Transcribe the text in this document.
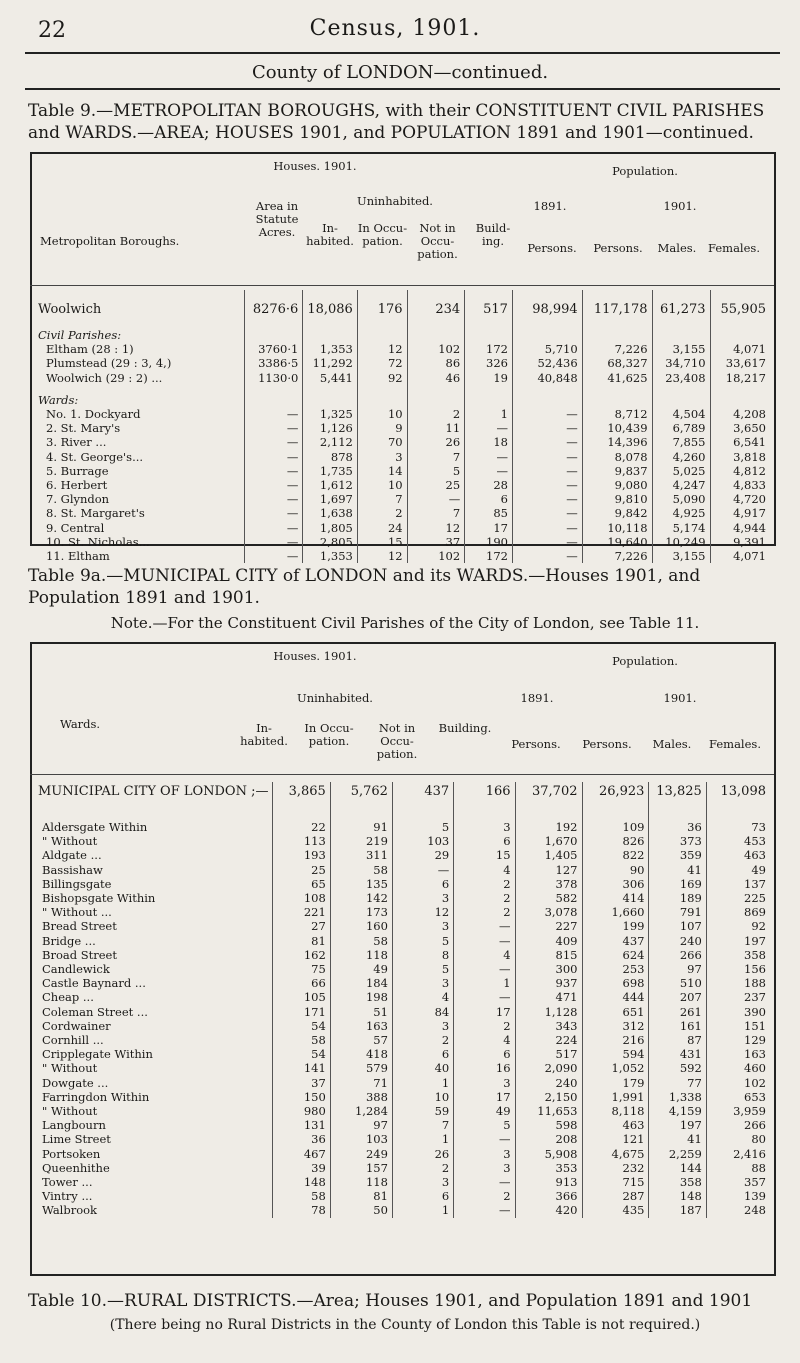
22	Census, 1901.
County of LONDON—continued.
Table 9.—METROPOLITAN BOROUGHS, with their CONSTITUENT CIVIL PARISHES and WARDS.—AREA; HOUSES 1901, and POPULATION 1891 and 1901—continued.
Houses. 1901.	Population.
Metropolitan Boroughs.
Area in Statute Acres.
Uninhabited.
In-habited.
In Occu-pation.
Not in Occu-pation.
Build-ing.
1891.	1901.
Persons.	Persons.	Males.	Females.

Woolwich	8276·6	18,086	176	234	517	98,994	117,178	61,273	55,905

Civil Parishes:									
Eltham (28 : 1)	3760·1	1,353	12	102	172	5,710	7,226	3,155	4,071
Plumstead (29 : 3, 4,)	3386·5	11,292	72	86	326	52,436	68,327	34,710	33,617
Woolwich (29 : 2) ...	1130·0	5,441	92	46	19	40,848	41,625	23,408	18,217

Wards:									
No. 1. Dockyard	—	1,325	10	2	1	—	8,712	4,504	4,208
2. St. Mary's	—	1,126	9	11	—	—	10,439	6,789	3,650
3. River ...	—	2,112	70	26	18	—	14,396	7,855	6,541
4. St. George's...	—	878	3	7	—	—	8,078	4,260	3,818
5. Burrage	—	1,735	14	5	—	—	9,837	5,025	4,812
6. Herbert	—	1,612	10	25	28	—	9,080	4,247	4,833
7. Glyndon	—	1,697	7	—	6	—	9,810	5,090	4,720
8. St. Margaret's	—	1,638	2	7	85	—	9,842	4,925	4,917
9. Central	—	1,805	24	12	17	—	10,118	5,174	4,944
10. St. Nicholas...	—	2,805	15	37	190	—	19,640	10,249	9,391
11. Eltham	—	1,353	12	102	172	—	7,226	3,155	4,071
Table 9a.—MUNICIPAL CITY of LONDON and its WARDS.—Houses 1901, and Population 1891 and 1901.
Note.—For the Constituent Civil Parishes of the City of London, see Table 11.
Houses. 1901.	Population.
Wards.
Uninhabited.
In-habited.
In Occu-pation.
Not in Occu-pation.
Building.
1891.	1901.
Persons.	Persons.	Males.	Females.
MUNICIPAL CITY OF LONDON ;—	3,865	5,762	437	166	37,702	26,923	13,825	13,098

Aldersgate Within	22	91	5	3	192	109	36	73
" Without	113	219	103	6	1,670	826	373	453
Aldgate ...	193	311	29	15	1,405	822	359	463
Bassishaw	25	58	—	4	127	90	41	49
Billingsgate	65	135	6	2	378	306	169	137
Bishopsgate Within	108	142	3	2	582	414	189	225
" Without ...	221	173	12	2	3,078	1,660	791	869
Bread Street	27	160	3	—	227	199	107	92
Bridge ...	81	58	5	—	409	437	240	197
Broad Street	162	118	8	4	815	624	266	358
Candlewick	75	49	5	—	300	253	97	156
Castle Baynard ...	66	184	3	1	937	698	510	188
Cheap ...	105	198	4	—	471	444	207	237
Coleman Street ...	171	51	84	17	1,128	651	261	390
Cordwainer	54	163	3	2	343	312	161	151
Cornhill ...	58	57	2	4	224	216	87	129
Cripplegate Within	54	418	6	6	517	594	431	163
" Without	141	579	40	16	2,090	1,052	592	460
Dowgate ...	37	71	1	3	240	179	77	102
Farringdon Within	150	388	10	17	2,150	1,991	1,338	653
" Without	980	1,284	59	49	11,653	8,118	4,159	3,959
Langbourn	131	97	7	5	598	463	197	266
Lime Street	36	103	1	—	208	121	41	80
Portsoken	467	249	26	3	5,908	4,675	2,259	2,416
Queenhithe	39	157	2	3	353	232	144	88
Tower ...	148	118	3	—	913	715	358	357
Vintry ...	58	81	6	2	366	287	148	139
Walbrook	78	50	1	—	420	435	187	248
Table 10.—RURAL DISTRICTS.—Area; Houses 1901, and Population 1891 and 1901
(There being no Rural Districts in the County of London this Table is not required.)
